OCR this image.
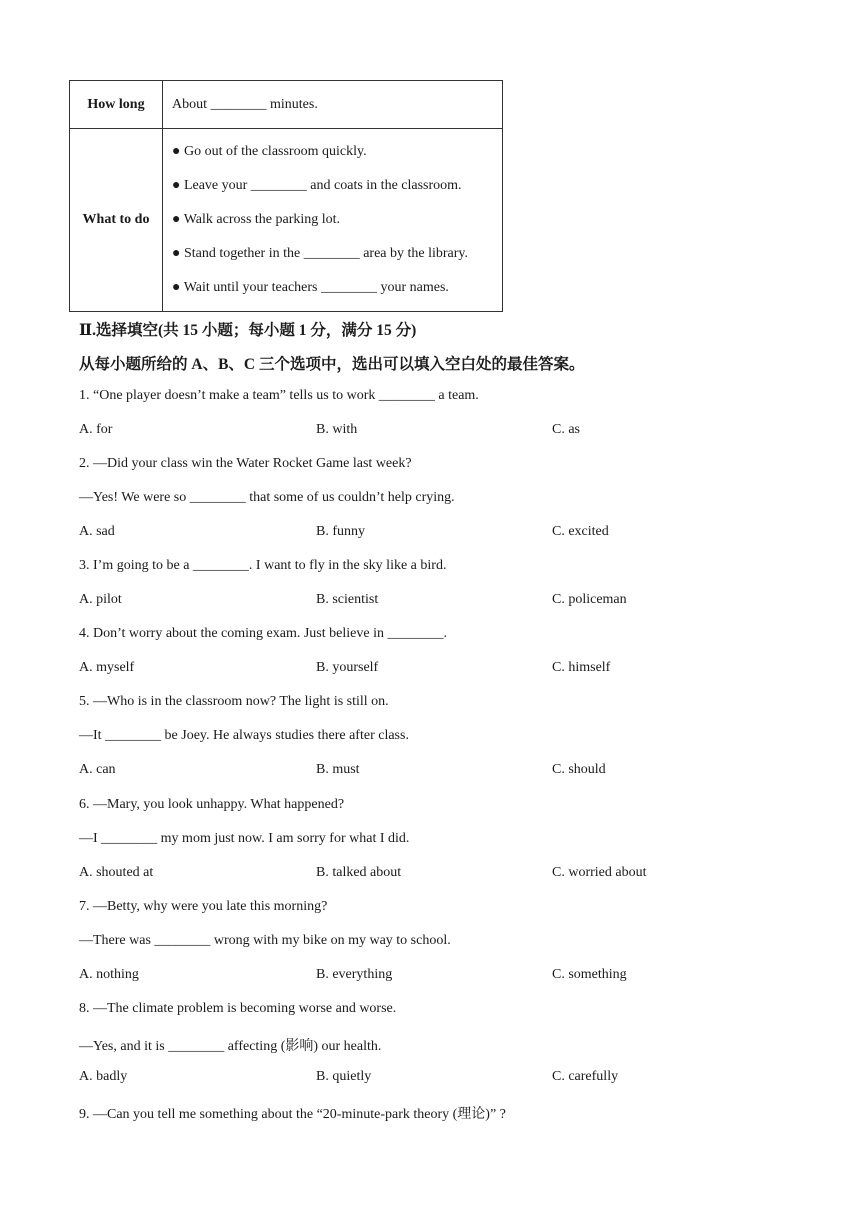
How long	About ________ minutes.
What to do	● Go out of the classroom quickly.
● Leave your ________ and coats in the classroom.
● Walk across the parking lot.
● Stand together in the ________ area by the library.
● Wait until your teachers ________ your names.
Ⅱ.选择填空(共 15 小题；每小题 1 分，满分 15 分)
从每小题所给的 A、B、C 三个选项中，选出可以填入空白处的最佳答案。
1. “One player doesn’t make a team” tells us to work ________ a team.
A. for	B. with	C. as
2. —Did your class win the Water Rocket Game last week?
—Yes! We were so ________ that some of us couldn’t help crying.
A. sad	B. funny	C. excited
3. I’m going to be a ________. I want to fly in the sky like a bird.
A. pilot	B. scientist	C. policeman
4. Don’t worry about the coming exam. Just believe in ________.
A. myself	B. yourself	C. himself
5. —Who is in the classroom now? The light is still on.
—It ________ be Joey. He always studies there after class.
A. can	B. must	C. should
6. —Mary, you look unhappy. What happened?
—I ________ my mom just now. I am sorry for what I did.
A. shouted at	B. talked about	C. worried about
7. —Betty, why were you late this morning?
—There was ________ wrong with my bike on my way to school.
A. nothing	B. everything	C. something
8. —The climate problem is becoming worse and worse.
—Yes, and it is ________ affecting (影响) our health.
A. badly	B. quietly	C. carefully
9. —Can you tell me something about the “20-minute-park theory (理论)” ?
